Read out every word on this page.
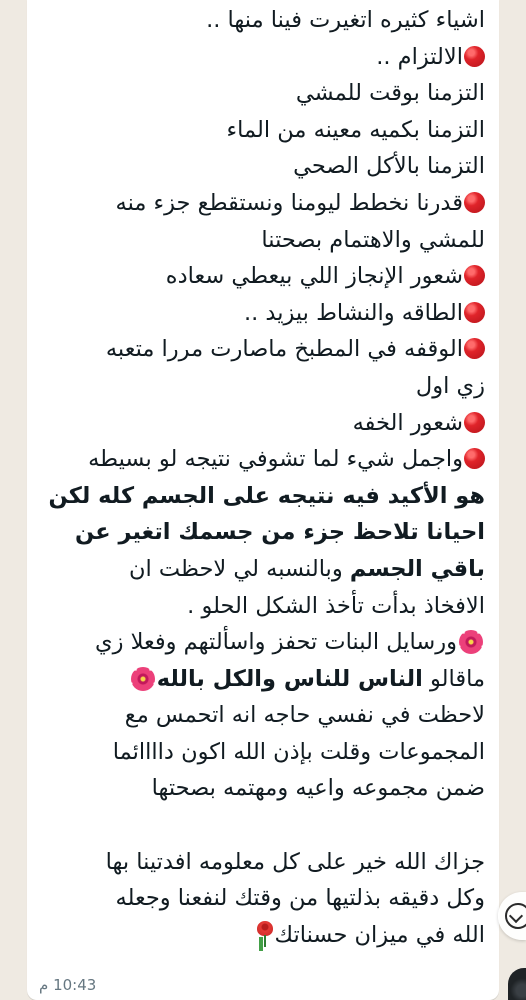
اشياء كثيره اتغيرت فينا منها ..
الالتزام ..
التزمنا بوقت للمشي
التزمنا بكميه معينه من الماء
التزمنا بالأكل الصحي
قدرنا نخطط ليومنا ونستقطع جزء منه
للمشي والاهتمام بصحتنا
شعور الإنجاز اللي بيعطي سعاده
الطاقه والنشاط بيزيد ..
الوقفه في المطبخ ماصارت مررا متعبه
زي اول
شعور الخفه
واجمل شيء لما تشوفي نتيجه لو بسيطه
هو الأكيد فيه نتيجه على الجسم كله لكن
احيانا تلاحظ جزء من جسمك اتغير عن
باقي الجسم وبالنسبه لي لاحظت ان
الافخاذ بدأت تأخذ الشكل الحلو .
ورسايل البنات تحفز واسألتهم وفعلا زي
ماقالو الناس للناس والكل بالله
لاحظت في نفسي حاجه انه اتحمس مع
المجموعات وقلت بإذن الله اكون داااائما
ضمن مجموعه واعيه ومهتمه بصحتها
جزاك الله خير على كل معلومه افدتينا بها
وكل دقيقه بذلتيها من وقتك لنفعنا وجعله
الله في ميزان حسناتك
10:43 م
